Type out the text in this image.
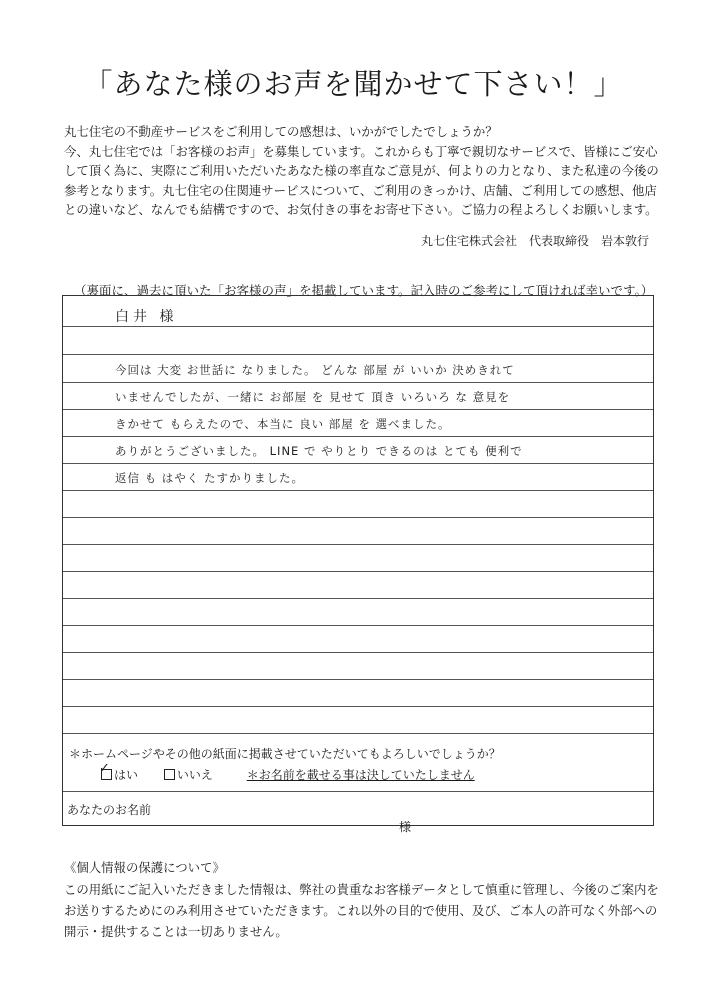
「あなた様のお声を聞かせて下さい！」
丸七住宅の不動産サービスをご利用しての感想は、いかがでしたでしょうか？
今、丸七住宅では「お客様のお声」を募集しています。これからも丁寧で親切なサービスで、皆様にご安心
して頂く為に、実際にご利用いただいたあなた様の率直なご意見が、何よりの力となり、また私達の今後の
参考となります。丸七住宅の住関連サービスについて、ご利用のきっかけ、店舗、ご利用しての感想、他店
との違いなど、なんでも結構ですので、お気付きの事をお寄せ下さい。ご協力の程よろしくお願いします。
丸七住宅株式会社　代表取締役　岩本敦行
（裏面に、過去に頂いた「お客様の声」を掲載しています。記入時のご参考にして頂ければ幸いです。）
白井 様
今回は 大変 お世話に なりました。 どんな 部屋 が いいか 決めきれて
いませんでしたが、一緒に お部屋 を 見せて 頂き いろいろ な 意見を
きかせて もらえたので、本当に 良い 部屋 を 選べました。
ありがとうございました。 LINE で やりとり できるのは とても 便利で
返信 も はやく たすかりました。
＊ホームページやその他の紙面に掲載させていただいてもよろしいでしょうか？
✓ はい	いいえ	＊お名前を載せる事は決していたしません
あなたのお名前
様
《個人情報の保護について》
この用紙にご記入いただきました情報は、弊社の貴重なお客様データとして慎重に管理し、今後のご案内を
お送りするためにのみ利用させていただきます。これ以外の目的で使用、及び、ご本人の許可なく外部への
開示・提供することは一切ありません。
